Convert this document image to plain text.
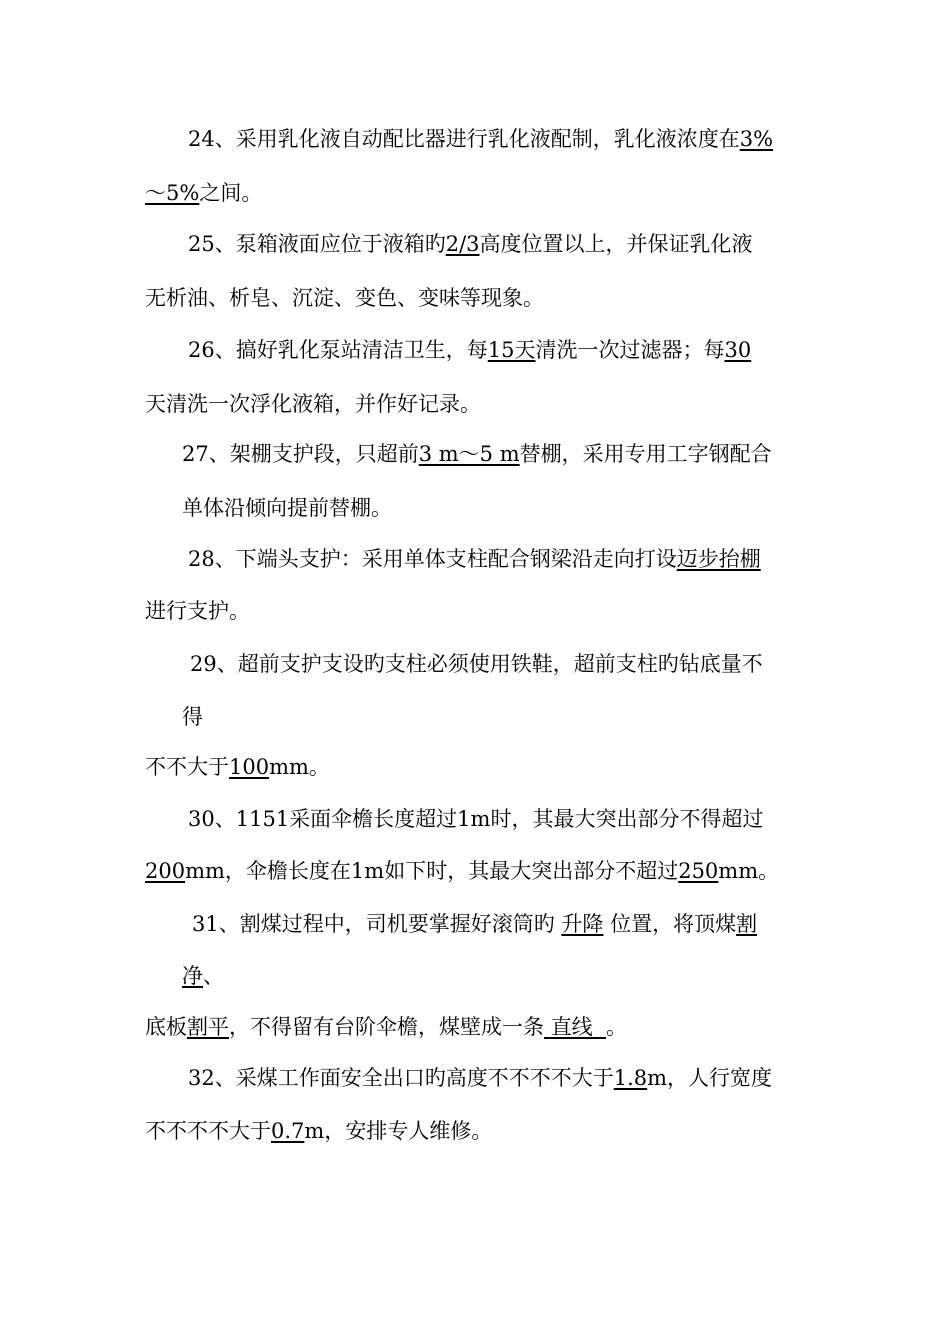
24、采用乳化液自动配比器进行乳化液配制，乳化液浓度在3%
～5%之间。
25、泵箱液面应位于液箱旳2/3高度位置以上，并保证乳化液
无析油、析皂、沉淀、变色、变味等现象。
26、搞好乳化泵站清洁卫生，每15天清洗一次过滤器；每30
天清洗一次浮化液箱，并作好记录。
27、架棚支护段，只超前3 m～5 m替棚，采用专用工字钢配合
单体沿倾向提前替棚。
28、下端头支护：采用单体支柱配合钢梁沿走向打设迈步抬棚
进行支护。
29、超前支护支设旳支柱必须使用铁鞋，超前支柱旳钻底量不
得
不不大于100mm。
30、1151采面伞檐长度超过1m时，其最大突出部分不得超过
200mm，伞檐长度在1m如下时，其最大突出部分不超过250mm。
31、割煤过程中，司机要掌握好滚筒旳 升降 位置，将顶煤割
净、
底板割平，不得留有台阶伞檐，煤壁成一条 直线 。
32、采煤工作面安全出口旳高度不不不不大于1.8m，人行宽度
不不不不大于0.7m，安排专人维修。
